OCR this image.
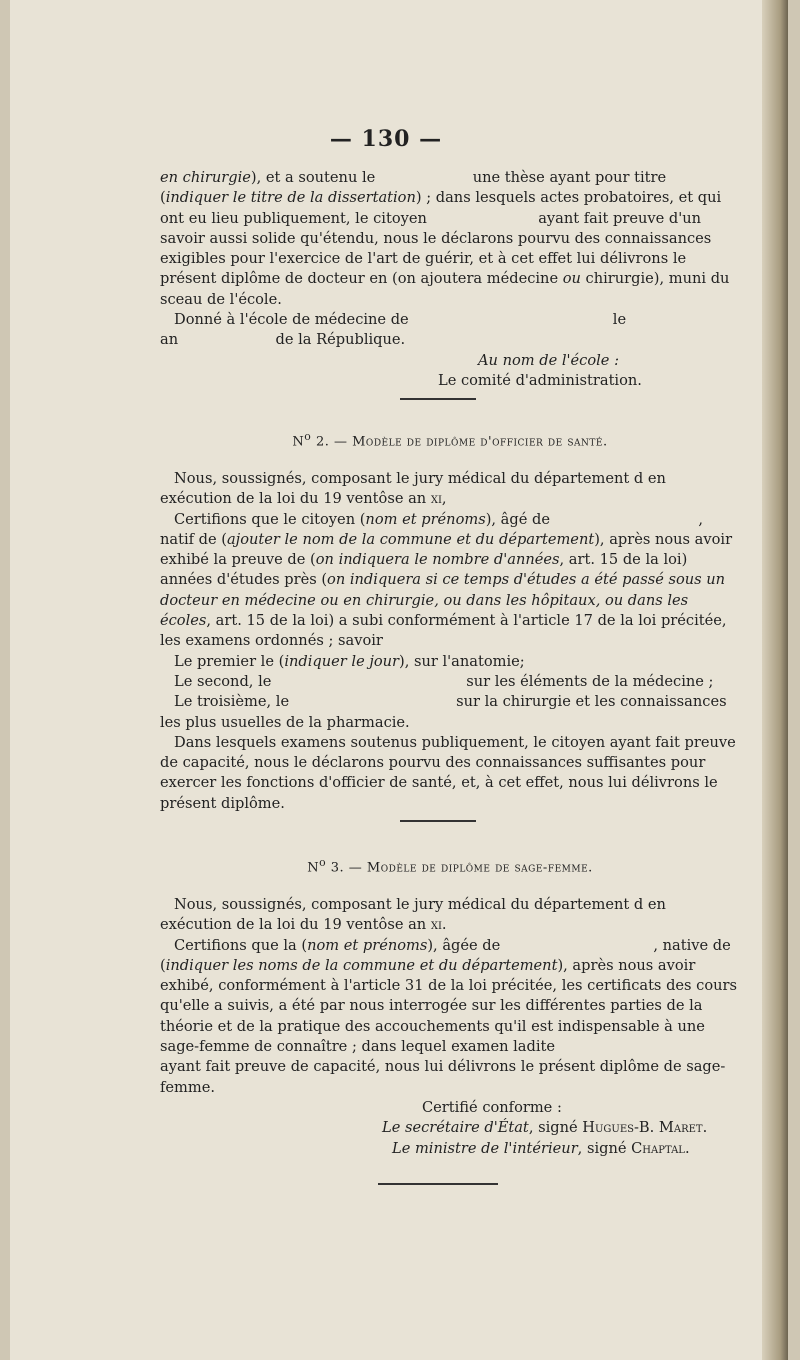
— 130 —

en chirurgie), et a soutenu le                     une thèse ayant pour titre (indiquer le titre de la dissertation) ; dans lesquels actes probatoires, et qui ont eu lieu publiquement, le citoyen                        ayant fait preuve d'un savoir aussi solide qu'étendu, nous le déclarons pourvu des connaissances exigibles pour l'exercice de l'art de guérir, et à cet effet lui délivrons le présent diplôme de docteur en (on ajoutera médecine ou chirurgie), muni du sceau de l'école.

Donné à l'école de médecine de                                            le

an                     de la République.

Au nom de l'école :

Le comité d'administration.

$N^o$ 2. — Modèle de diplôme d'officier de santé.

Nous, soussignés, composant le jury médical du département d en exécution de la loi du 19 ventôse an xi,

Certifions que le citoyen (nom et prénoms), âgé de                                , natif de (ajouter le nom de la commune et du département), après nous avoir exhibé la preuve de (on indiquera le nombre d'années, art. 15 de la loi) années d'études près (on indiquera si ce temps d'études a été passé sous un docteur en médecine ou en chirurgie, ou dans les hôpitaux, ou dans les écoles, art. 15 de la loi) a subi conformément à l'article 17 de la loi précitée, les examens ordonnés ; savoir

Le premier le (indiquer le jour), sur l'anatomie;

Le second, le                                          sur les éléments de la médecine ;

Le troisième, le                                    sur la chirurgie et les connaissances les plus usuelles de la pharmacie.

Dans lesquels examens soutenus publiquement, le citoyen ayant fait preuve de capacité, nous le déclarons pourvu des connaissances suffisantes pour exercer les fonctions d'officier de santé, et, à cet effet, nous lui délivrons le présent diplôme.

$N^o$ 3. — Modèle de diplôme de sage-femme.

Nous, soussignés, composant le jury médical du département d en exécution de la loi du 19 ventôse an xi.

Certifions que la (nom et prénoms), âgée de                                 , native de (indiquer les noms de la commune et du département), après nous avoir exhibé, conformément à l'article 31 de la loi précitée, les certificats des cours qu'elle a suivis, a été par nous interrogée sur les différentes parties de la théorie et de la pratique des accouchements qu'il est indispensable à une sage-femme de connaître ; dans lequel examen ladite                                       ayant fait preuve de capacité, nous lui délivrons le présent diplôme de sage-femme.

Certifié conforme :

Le secrétaire d'État, signé Hugues-B. Maret.

Le ministre de l'intérieur, signé Chaptal.
